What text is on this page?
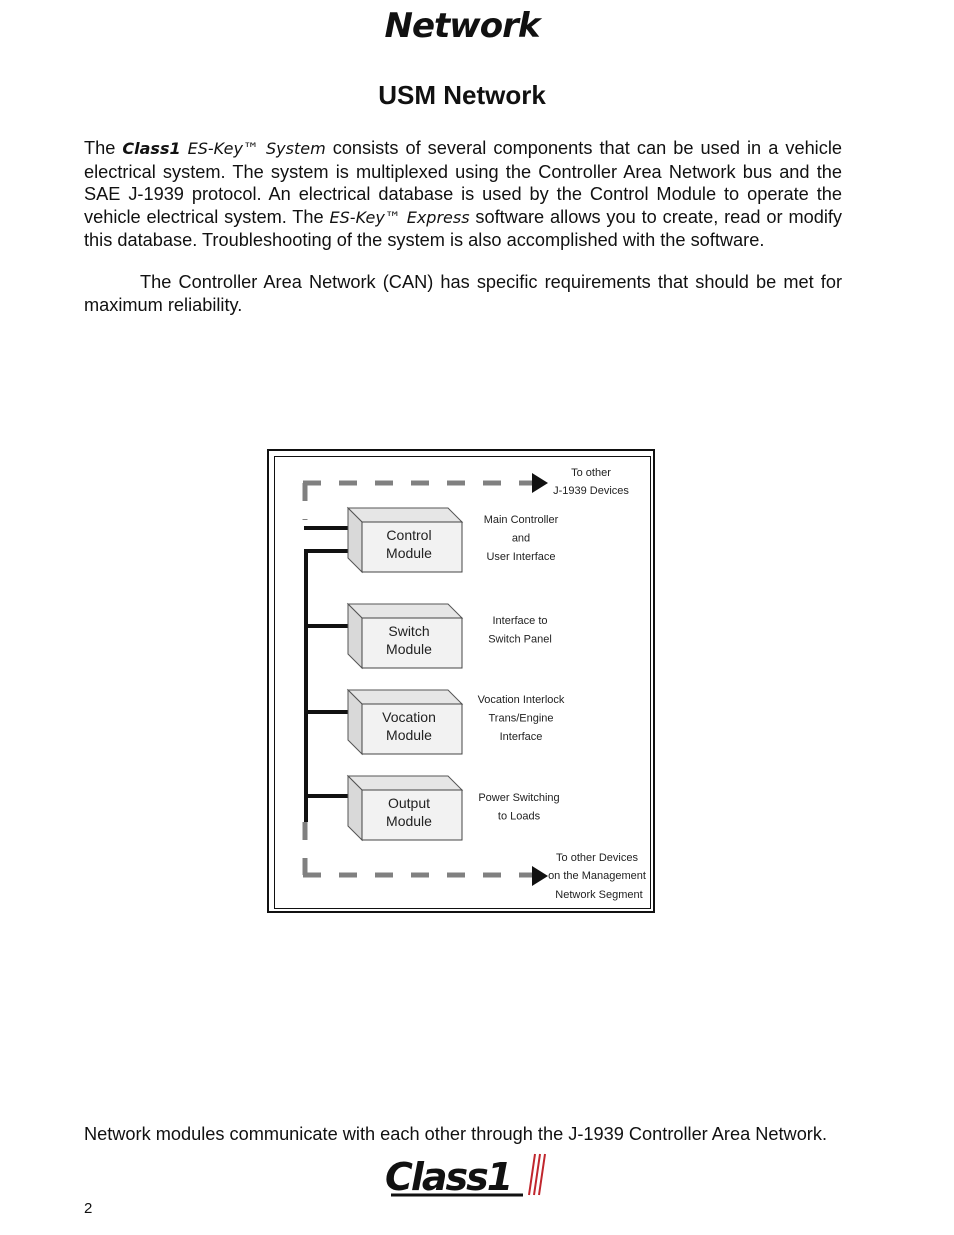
Network
USM Network
The Class1 ES-Key™ System consists of several components that can be used in a vehicle electrical system. The system is multiplexed using the Controller Area Network bus and the SAE J-1939 protocol. An electrical database is used by the Control Module to operate the vehicle electrical system. The ES-Key™ Express software allows you to create, read or modify this database. Troubleshooting of the system is also accomplished with the software.
The Controller Area Network (CAN) has specific requirements that should be met for maximum reliability.
Control
Module
Main Controller
and
User Interface
Switch
Module
Interface to
Switch Panel
Vocation
Module
Vocation Interlock
Trans/Engine
Interface
Output
Module
Power Switching
to Loads
To other
J-1939 Devices
To other Devices
on the Management
Network Segment
Network modules communicate with each other through the J-1939 Controller Area Network.
Class1
2
